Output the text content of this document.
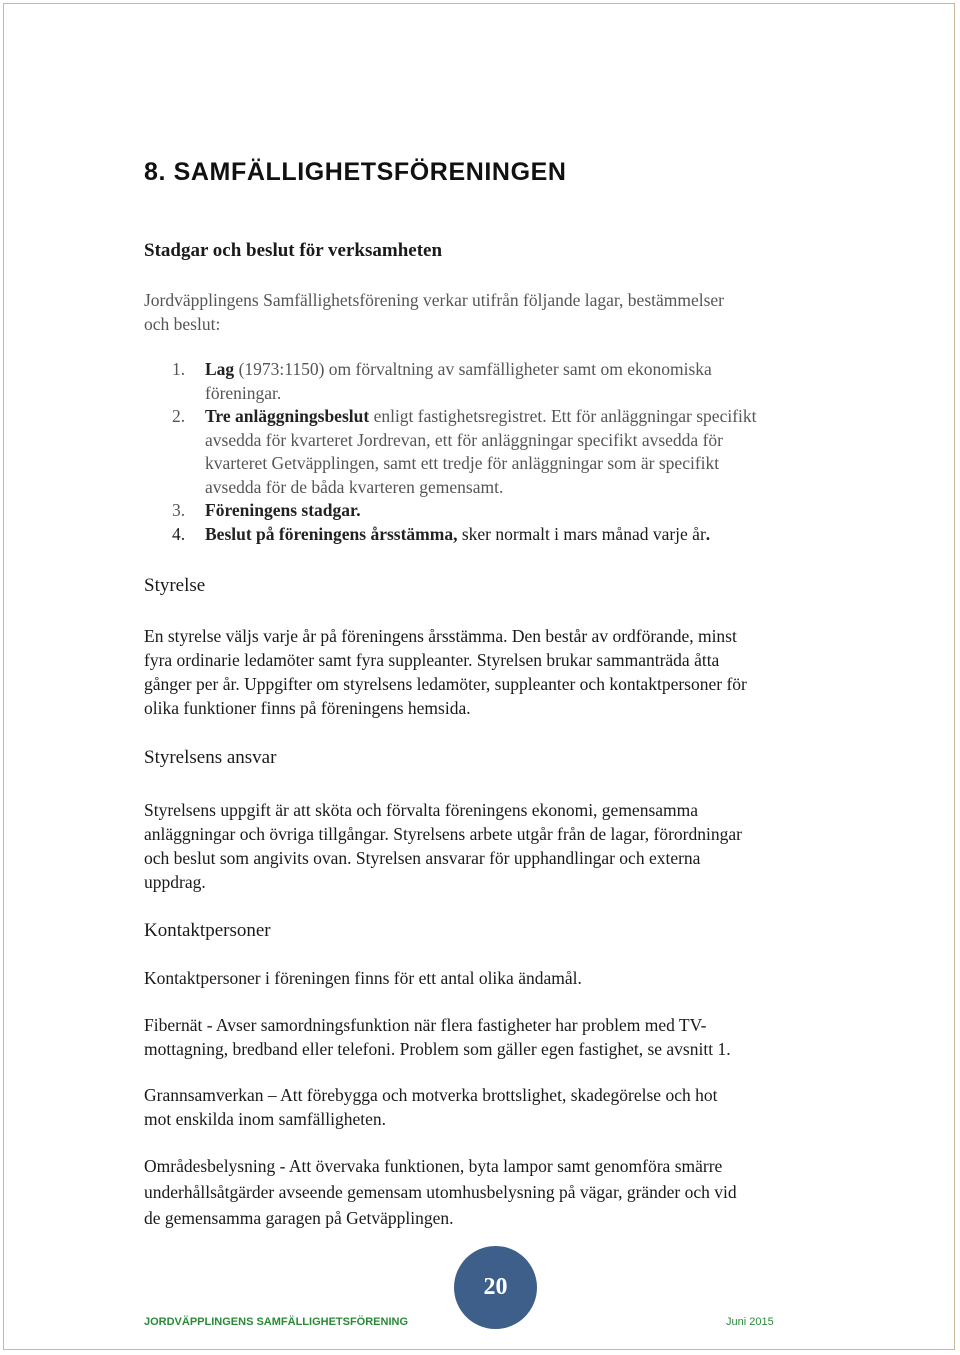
8. SAMFÄLLIGHETSFÖRENINGEN
Stadgar och beslut för verksamheten
Jordväpplingens Samfällighetsförening verkar utifrån följande lagar, bestämmelser
och beslut:
1.	Lag (1973:1150) om förvaltning av samfälligheter samt om ekonomiska
föreningar.
2.	Tre anläggningsbeslut enligt fastighetsregistret. Ett för anläggningar specifikt
avsedda för kvarteret Jordrevan, ett för anläggningar specifikt avsedda för
kvarteret Getväpplingen, samt ett tredje för anläggningar som är specifikt
avsedda för de båda kvarteren gemensamt.
3.	Föreningens stadgar.
4.	Beslut på föreningens årsstämma, sker normalt i mars månad varje år.
Styrelse
En styrelse väljs varje år på föreningens årsstämma. Den består av ordförande, minst
fyra ordinarie ledamöter samt fyra suppleanter. Styrelsen brukar sammanträda åtta
gånger per år. Uppgifter om styrelsens ledamöter, suppleanter och kontaktpersoner för
olika funktioner finns på föreningens hemsida.
Styrelsens ansvar
Styrelsens uppgift är att sköta och förvalta föreningens ekonomi, gemensamma
anläggningar och övriga tillgångar. Styrelsens arbete utgår från de lagar, förordningar
och beslut som angivits ovan. Styrelsen ansvarar för upphandlingar och externa
uppdrag.
Kontaktpersoner
Kontaktpersoner i föreningen finns för ett antal olika ändamål.
Fibernät - Avser samordningsfunktion när flera fastigheter har problem med TV-
mottagning, bredband eller telefoni. Problem som gäller egen fastighet, se avsnitt 1.
Grannsamverkan – Att förebygga och motverka brottslighet, skadegörelse och hot
mot enskilda inom samfälligheten.
Områdesbelysning - Att övervaka funktionen, byta lampor samt genomföra smärre
underhållsåtgärder avseende gemensam utomhusbelysning på vägar, gränder och vid
de gemensamma garagen på Getväpplingen.
20
JORDVÄPPLINGENS SAMFÄLLIGHETSFÖRENING	Juni 2015
